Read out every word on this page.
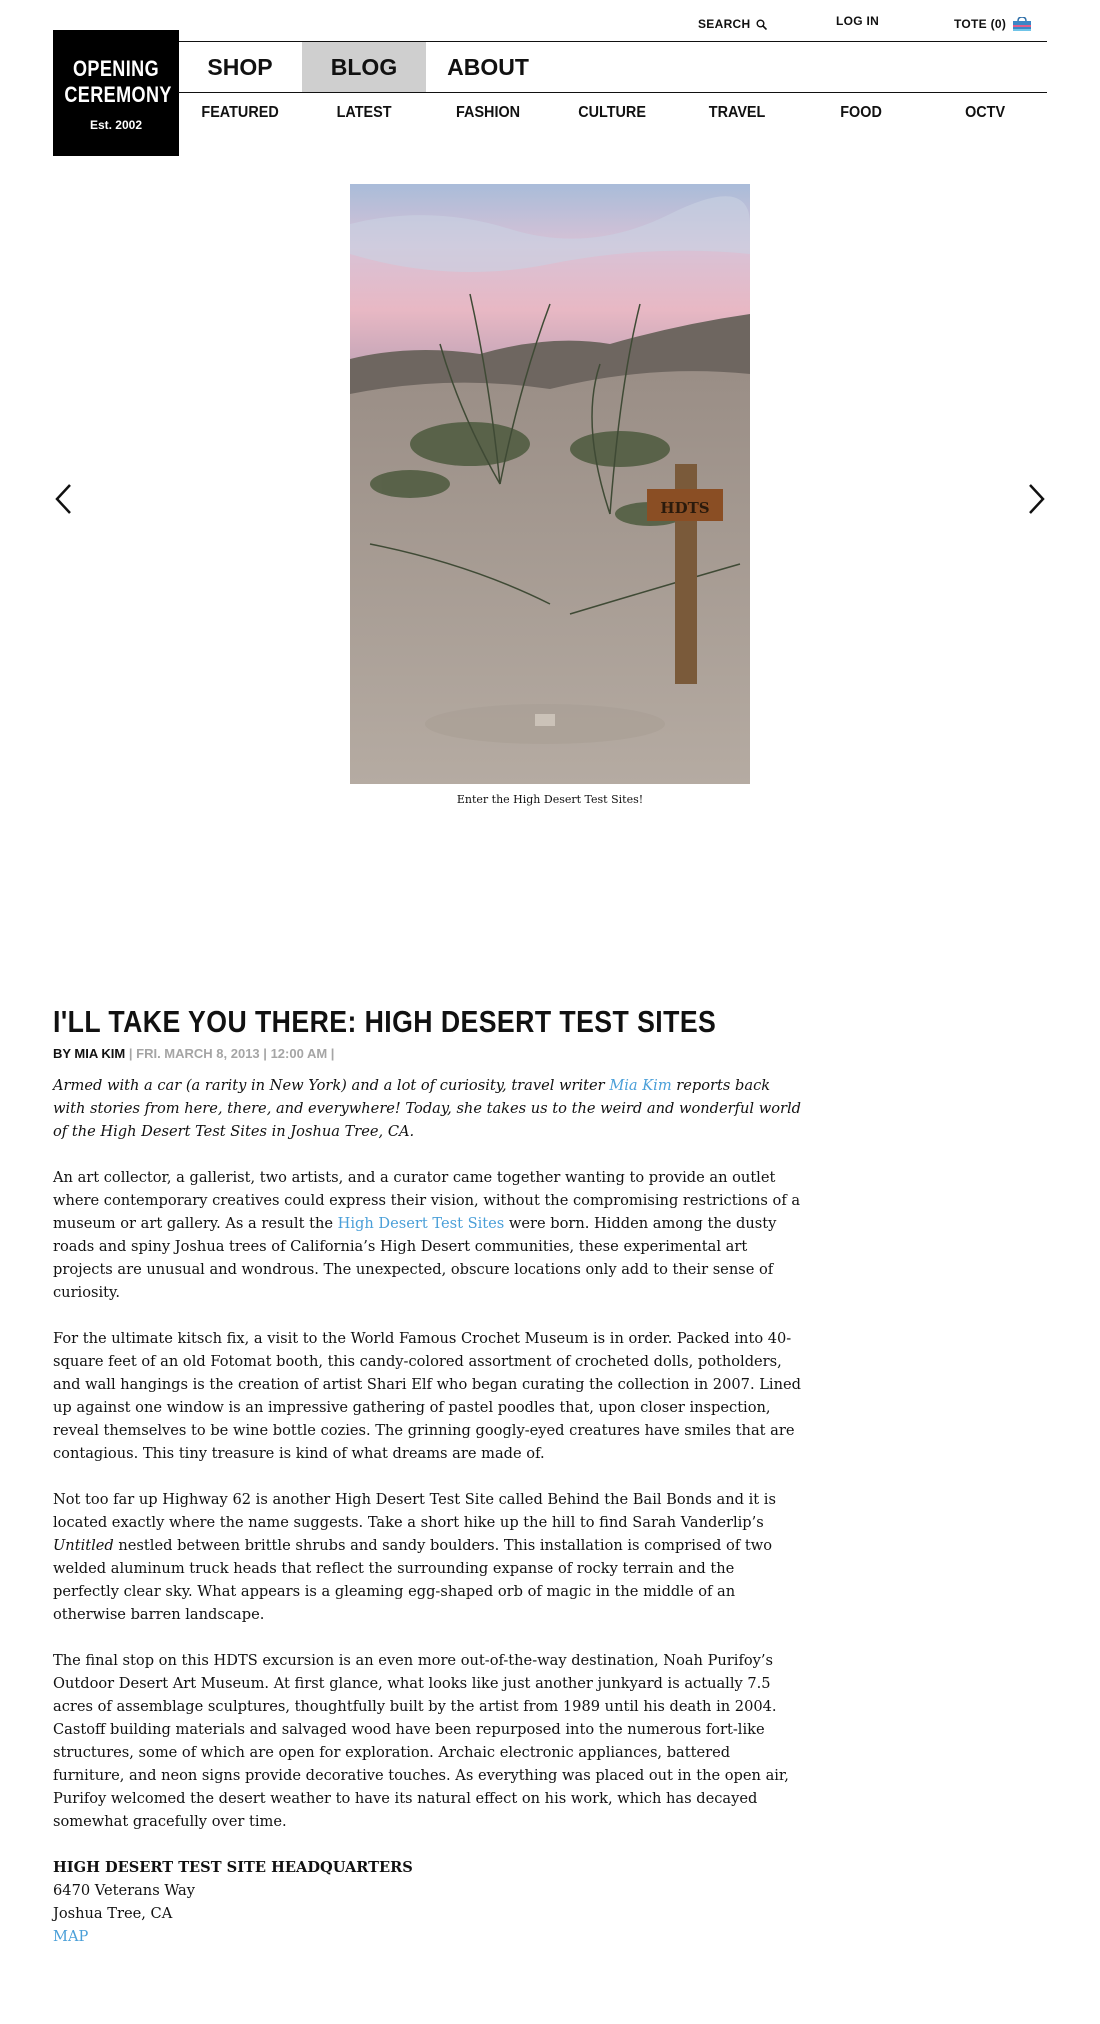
SEARCH	LOG IN	TOTE (0)
OPENING
CEREMONY
Est. 2002
SHOP	BLOG	ABOUT
FEATURED	LATEST	FASHION	CULTURE	TRAVEL	FOOD	OCTV
HDTS
Enter the High Desert Test Sites!
I'LL TAKE YOU THERE: HIGH DESERT TEST SITES
BY MIA KIM | FRI. MARCH 8, 2013 | 12:00 AM |

Armed with a car (a rarity in New York) and a lot of curiosity, travel writer Mia Kim reports back with stories from here, there, and everywhere! Today, she takes us to the weird and wonderful world of the High Desert Test Sites in Joshua Tree, CA.

An art collector, a gallerist, two artists, and a curator came together wanting to provide an outlet where contemporary creatives could express their vision, without the compromising restrictions of a museum or art gallery. As a result the High Desert Test Sites were born. Hidden among the dusty roads and spiny Joshua trees of California’s High Desert communities, these experimental art projects are unusual and wondrous. The unexpected, obscure locations only add to their sense of curiosity.

For the ultimate kitsch fix, a visit to the World Famous Crochet Museum is in order. Packed into 40-square feet of an old Fotomat booth, this candy-colored assortment of crocheted dolls, potholders, and wall hangings is the creation of artist Shari Elf who began curating the collection in 2007. Lined up against one window is an impressive gathering of pastel poodles that, upon closer inspection, reveal themselves to be wine bottle cozies. The grinning googly-eyed creatures have smiles that are contagious. This tiny treasure is kind of what dreams are made of.

Not too far up Highway 62 is another High Desert Test Site called Behind the Bail Bonds and it is located exactly where the name suggests. Take a short hike up the hill to find Sarah Vanderlip’s Untitled nestled between brittle shrubs and sandy boulders. This installation is comprised of two welded aluminum truck heads that reflect the surrounding expanse of rocky terrain and the perfectly clear sky. What appears is a gleaming egg-shaped orb of magic in the middle of an otherwise barren landscape.

The final stop on this HDTS excursion is an even more out-of-the-way destination, Noah Purifoy’s Outdoor Desert Art Museum. At first glance, what looks like just another junkyard is actually 7.5 acres of assemblage sculptures, thoughtfully built by the artist from 1989 until his death in 2004. Castoff building materials and salvaged wood have been repurposed into the numerous fort-like structures, some of which are open for exploration. Archaic electronic appliances, battered furniture, and neon signs provide decorative touches. As everything was placed out in the open air, Purifoy welcomed the desert weather to have its natural effect on his work, which has decayed somewhat gracefully over time.

HIGH DESERT TEST SITE HEADQUARTERS
6470 Veterans Way
Joshua Tree, CA
MAP
